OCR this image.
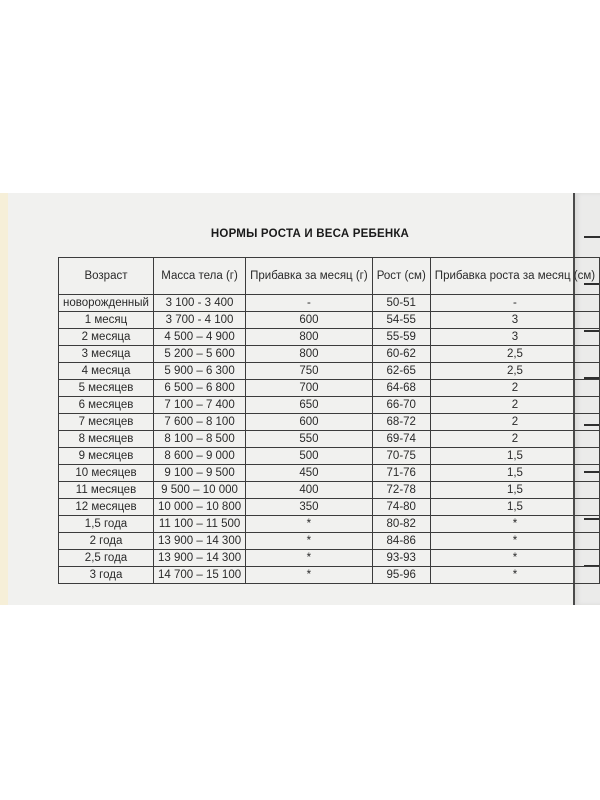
НОРМЫ РОСТА И ВЕСА РЕБЕНКА
Возраст	Масса тела (г)	Прибавка за месяц (г)	Рост (см)	Прибавка роста за месяц (см)
новорожденный	3 100 - 3 400	-	50-51	-
1 месяц	3 700 - 4 100	600	54-55	3
2 месяца	4 500 – 4 900	800	55-59	3
3 месяца	5 200 – 5 600	800	60-62	2,5
4 месяца	5 900 – 6 300	750	62-65	2,5
5 месяцев	6 500 – 6 800	700	64-68	2
6 месяцев	7 100 – 7 400	650	66-70	2
7 месяцев	7 600 – 8 100	600	68-72	2
8 месяцев	8 100 – 8 500	550	69-74	2
9 месяцев	8 600 – 9 000	500	70-75	1,5
10 месяцев	9 100 – 9 500	450	71-76	1,5
11 месяцев	9 500 – 10 000	400	72-78	1,5
12 месяцев	10 000 – 10 800	350	74-80	1,5
1,5 года	11 100 – 11 500	*	80-82	*
2 года	13 900 – 14 300	*	84-86	*
2,5 года	13 900 – 14 300	*	93-93	*
3 года	14 700 – 15 100	*	95-96	*
